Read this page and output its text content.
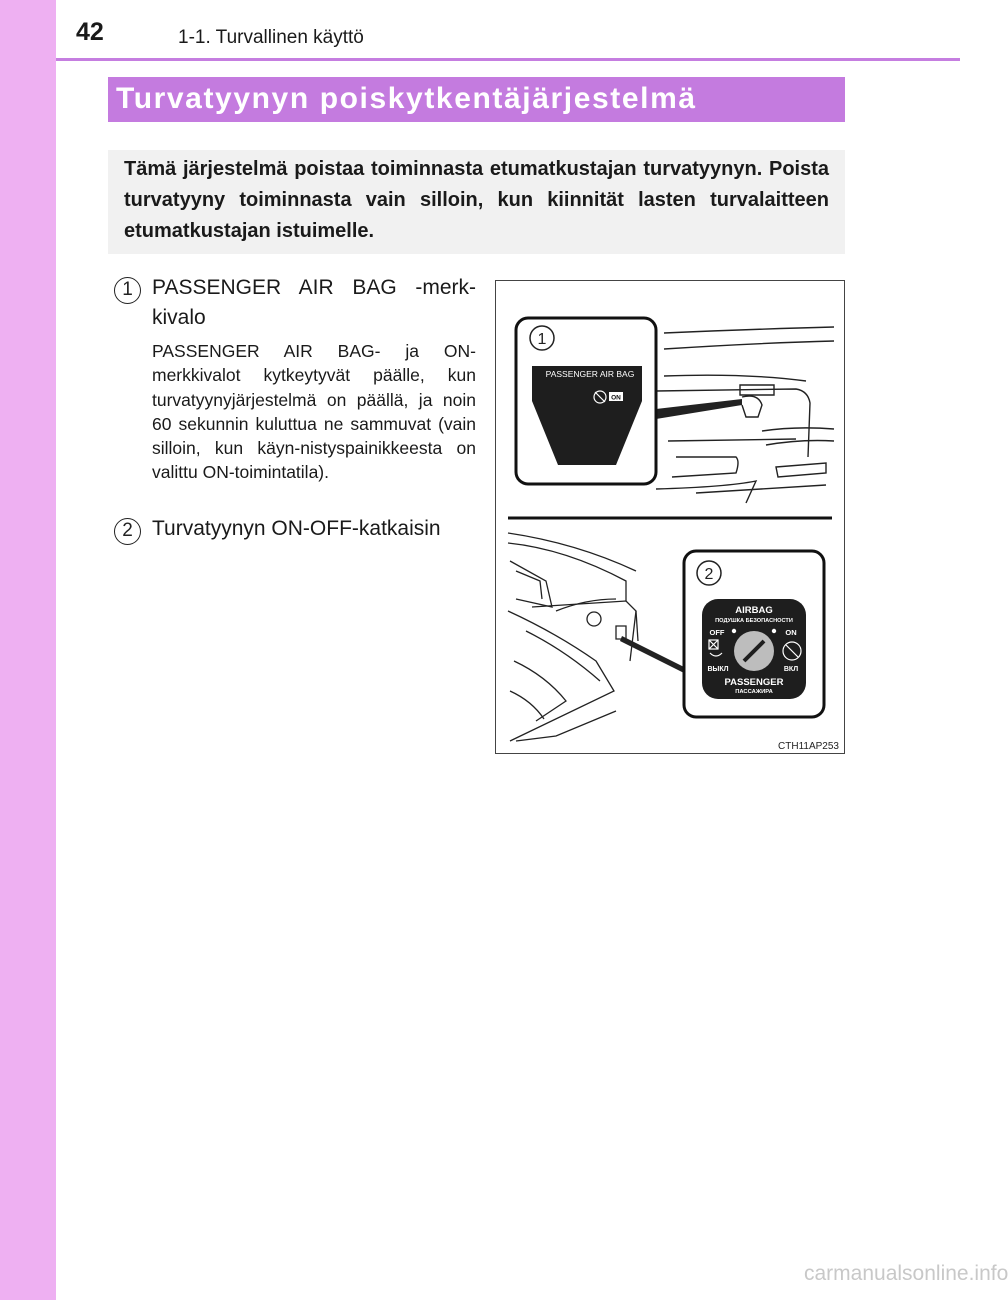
42	1-1. Turvallinen käyttö
Turvatyynyn poiskytkentäjärjestelmä

Tämä järjestelmä poistaa toiminnasta etumatkustajan turvatyynyn. Poista turvatyyny toiminnasta vain silloin, kun kiinnität lasten turvalaitteen etumatkustajan istuimelle.

1 PASSENGER AIR BAG -merk-kivalo
PASSENGER AIR BAG- ja ON-merkkivalot kytkeytyvät päälle, kun turvatyynyjärjestelmä on päällä, ja noin 60 sekunnin kuluttua ne sammuvat (vain silloin, kun käyn-nistyspainikkeesta on valittu ON-toimintatila).
2 Turvatyynyn ON-OFF-katkaisin
1
PASSENGER AIR BAG
ON
2
AIRBAG
ПОДУШКА БЕЗОПАСНОСТИ
OFF	ON
ВЫКЛ	ВКЛ
PASSENGER
ПАССАЖИРА
CTH11AP253
carmanualsonline.info
